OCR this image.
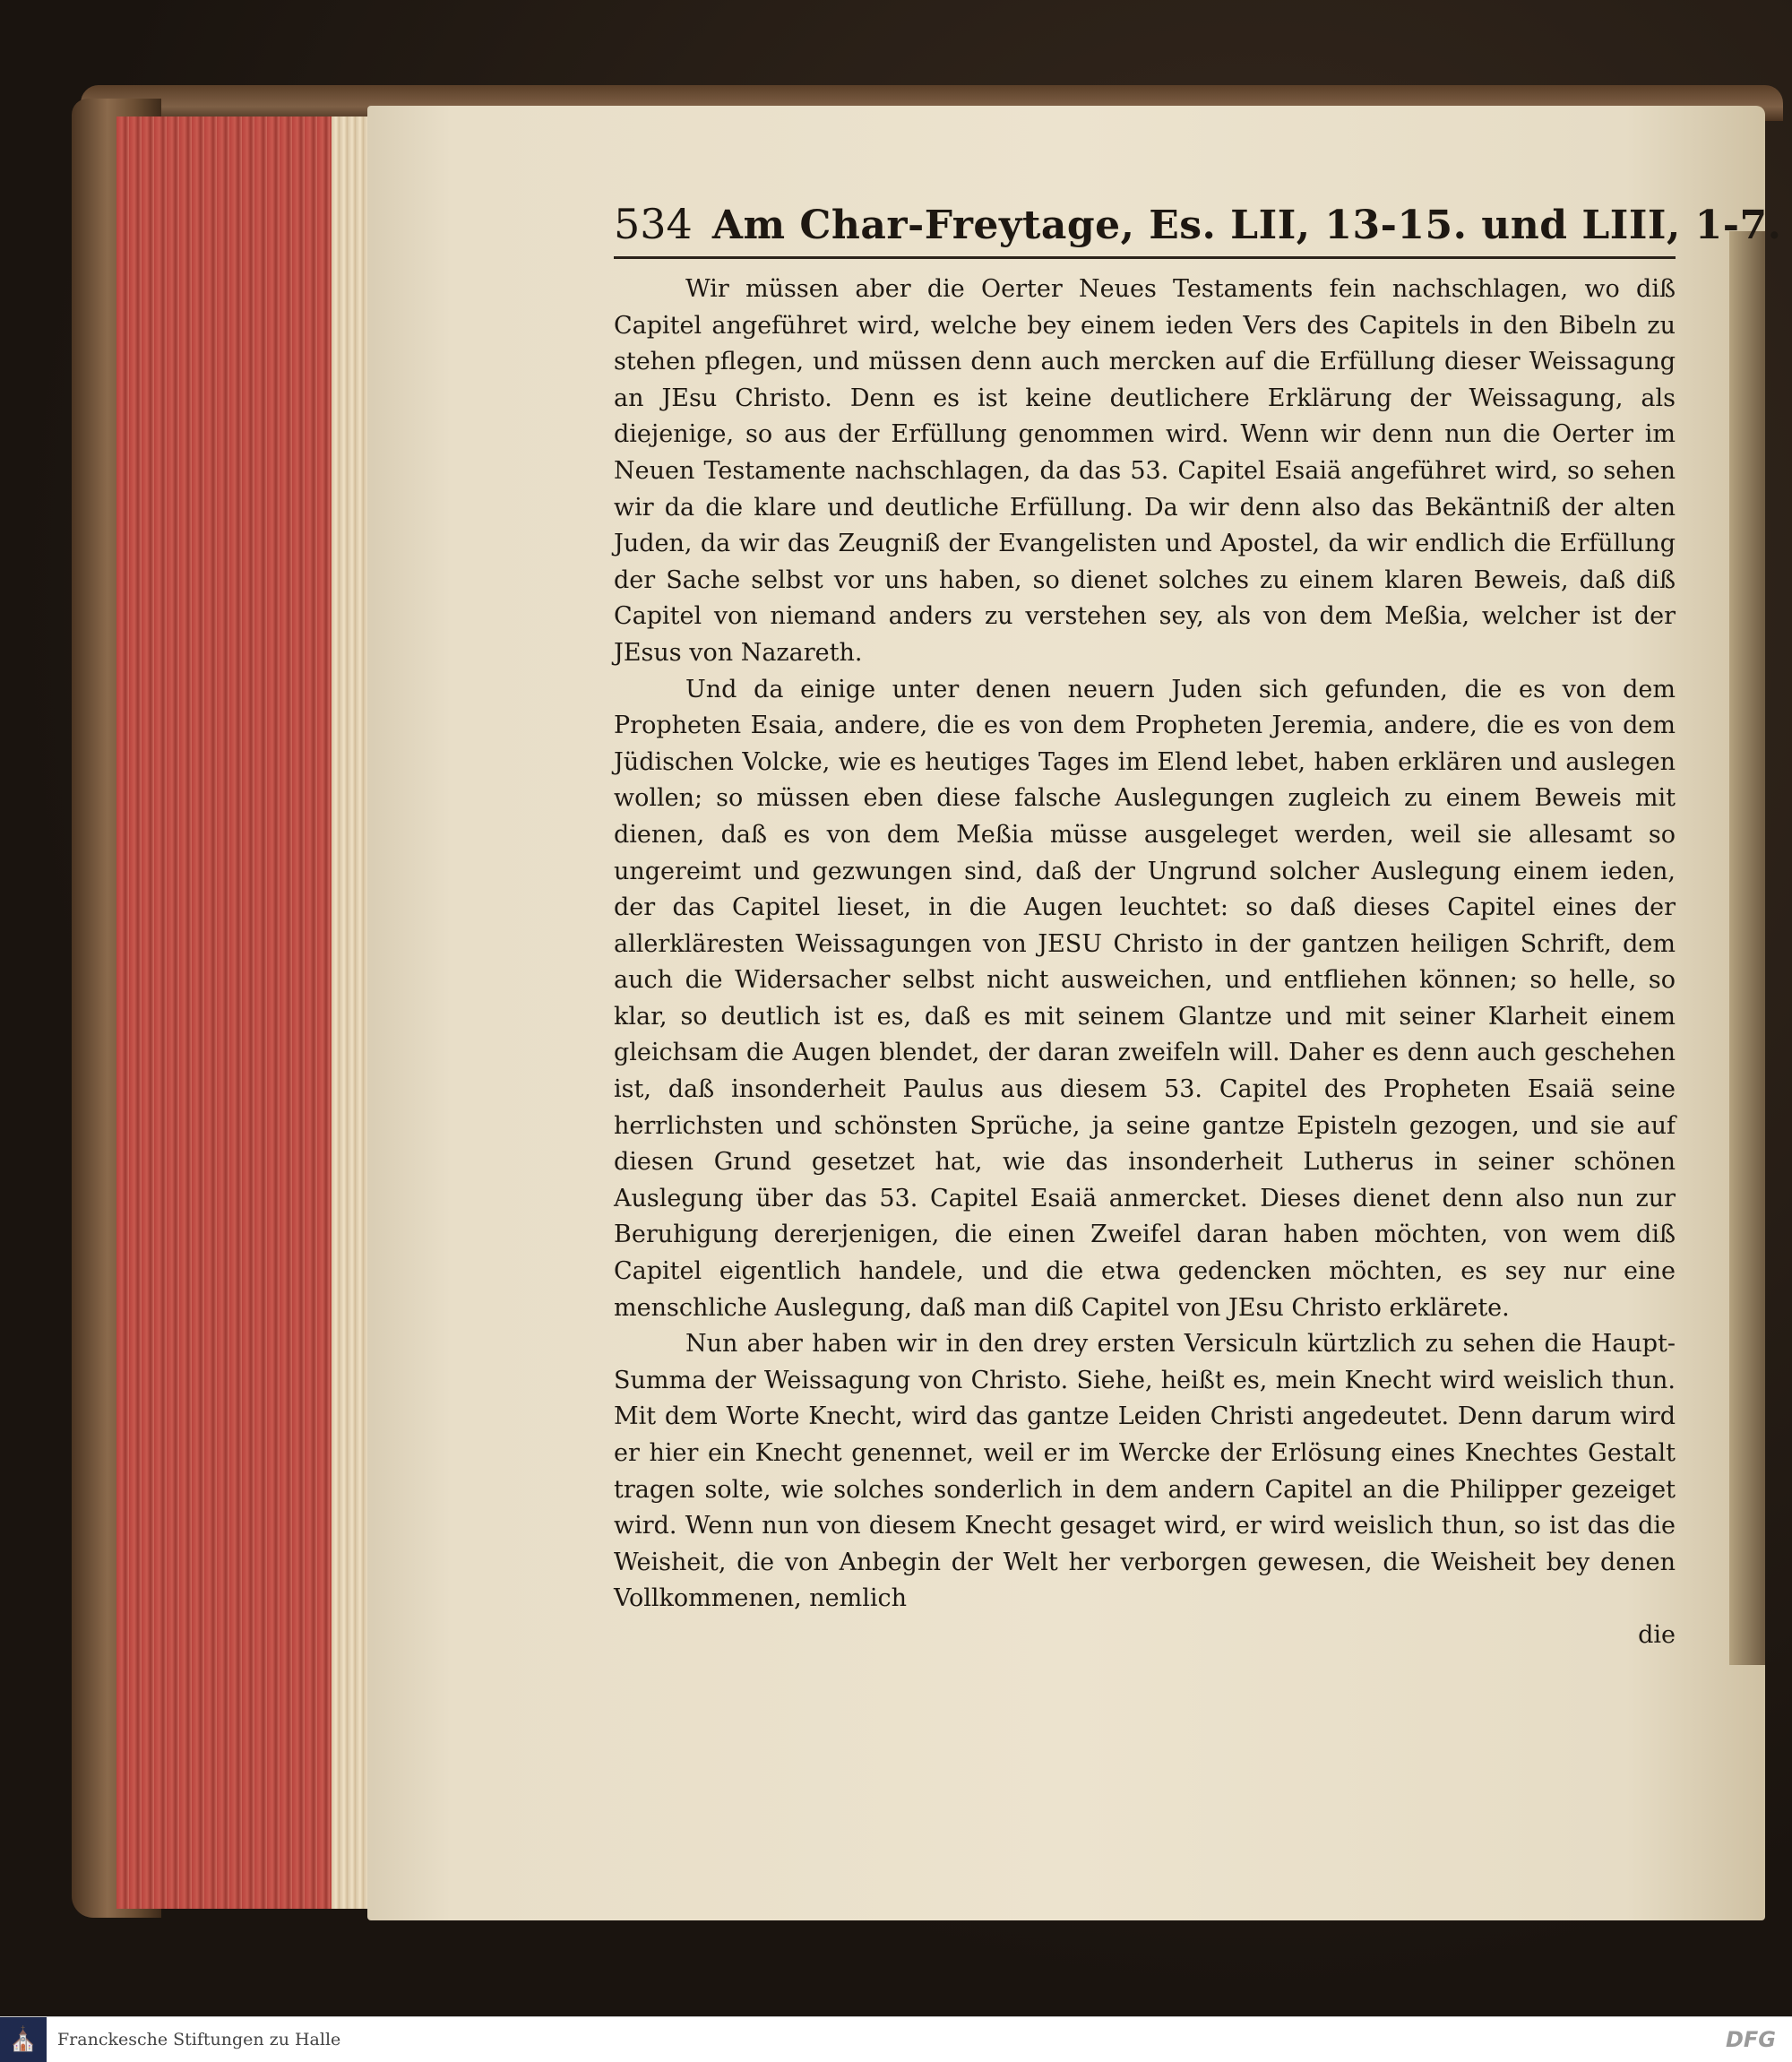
534 Am Char-Freytage, Es. LII, 13-15. und LIII, 1-7.

Wir müssen aber die Oerter Neues Testaments fein nachschlagen, wo diß Capitel angeführet wird, welche bey einem ieden Vers des Capitels in den Bibeln zu stehen pflegen, und müssen denn auch mercken auf die Erfüllung dieser Weissagung an JEsu Christo. Denn es ist keine deutlichere Erklärung der Weissagung, als diejenige, so aus der Erfüllung genommen wird. Wenn wir denn nun die Oerter im Neuen Testamente nachschlagen, da das 53. Capitel Esaiä angeführet wird, so sehen wir da die klare und deutliche Erfüllung. Da wir denn also das Bekäntniß der alten Juden, da wir das Zeugniß der Evangelisten und Apostel, da wir endlich die Erfüllung der Sache selbst vor uns haben, so dienet solches zu einem klaren Beweis, daß diß Capitel von niemand anders zu verstehen sey, als von dem Meßia, welcher ist der JEsus von Nazareth.

Und da einige unter denen neuern Juden sich gefunden, die es von dem Propheten Esaia, andere, die es von dem Propheten Jeremia, andere, die es von dem Jüdischen Volcke, wie es heutiges Tages im Elend lebet, haben erklären und auslegen wollen; so müssen eben diese falsche Auslegungen zugleich zu einem Beweis mit dienen, daß es von dem Meßia müsse ausgeleget werden, weil sie allesamt so ungereimt und gezwungen sind, daß der Ungrund solcher Auslegung einem ieden, der das Capitel lieset, in die Augen leuchtet: so daß dieses Capitel eines der allerkläresten Weissagungen von JESU Christo in der gantzen heiligen Schrift, dem auch die Widersacher selbst nicht ausweichen, und entfliehen können; so helle, so klar, so deutlich ist es, daß es mit seinem Glantze und mit seiner Klarheit einem gleichsam die Augen blendet, der daran zweifeln will. Daher es denn auch geschehen ist, daß insonderheit Paulus aus diesem 53. Capitel des Propheten Esaiä seine herrlichsten und schönsten Sprüche, ja seine gantze Episteln gezogen, und sie auf diesen Grund gesetzet hat, wie das insonderheit Lutherus in seiner schönen Auslegung über das 53. Capitel Esaiä anmercket. Dieses dienet denn also nun zur Beruhigung dererjenigen, die einen Zweifel daran haben möchten, von wem diß Capitel eigentlich handele, und die etwa gedencken möchten, es sey nur eine menschliche Auslegung, daß man diß Capitel von JEsu Christo erklärete.

Nun aber haben wir in den drey ersten Versiculn kürtzlich zu sehen die Haupt-Summa der Weissagung von Christo. Siehe, heißt es, mein Knecht wird weislich thun. Mit dem Worte Knecht, wird das gantze Leiden Christi angedeutet. Denn darum wird er hier ein Knecht genennet, weil er im Wercke der Erlösung eines Knechtes Gestalt tragen solte, wie solches sonderlich in dem andern Capitel an die Philipper gezeiget wird. Wenn nun von diesem Knecht gesaget wird, er wird weislich thun, so ist das die Weisheit, die von Anbegin der Welt her verborgen gewesen, die Weisheit bey denen Vollkommenen, nemlich

die
⛪ Franckesche Stiftungen zu Halle	DFG
